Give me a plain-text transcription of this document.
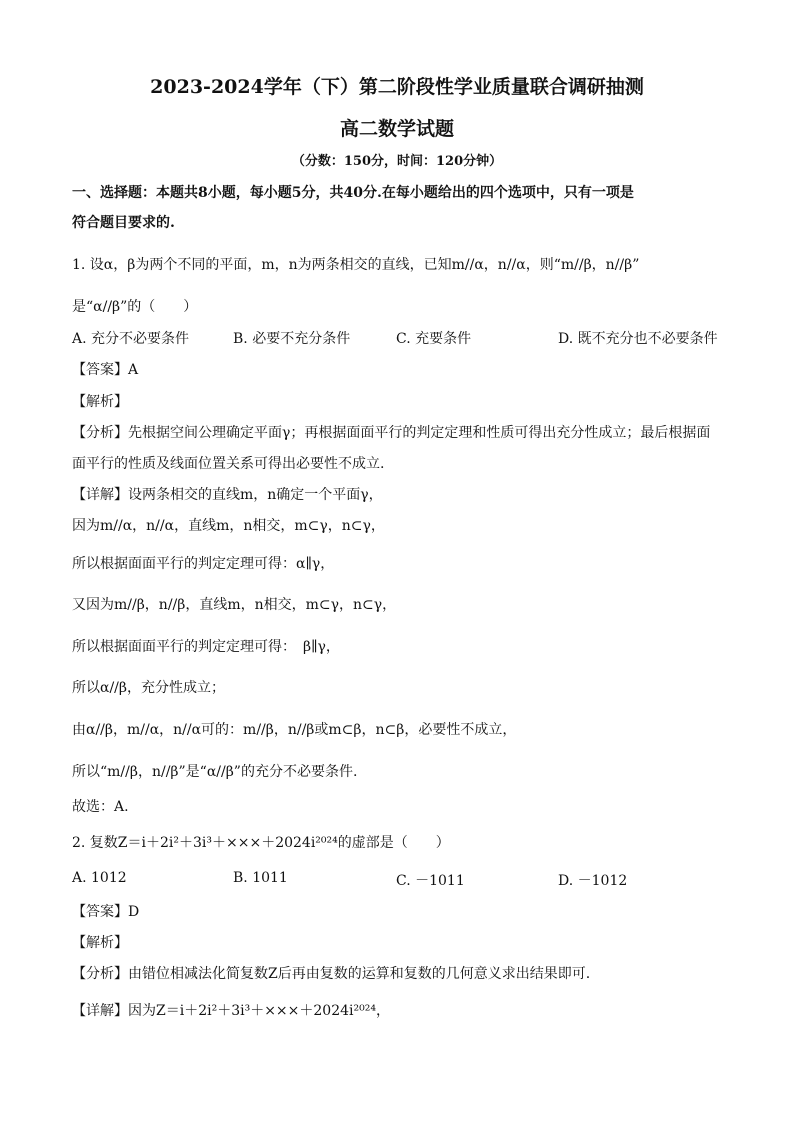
2023-2024学年（下）第二阶段性学业质量联合调研抽测
高二数学试题
（分数：150分，时间：120分钟）
一、选择题：本题共8小题，每小题5分，共40分.在每小题给出的四个选项中，只有一项是
符合题目要求的.
1. 设α，β为两个不同的平面，m，n为两条相交的直线，已知m//α，n//α，则“m//β，n//β”
是“α//β”的（　　）
A. 充分不必要条件	B. 必要不充分条件	C. 充要条件	D. 既不充分也不必要条件
【答案】A
【解析】
【分析】先根据空间公理确定平面γ；再根据面面平行的判定定理和性质可得出充分性成立；最后根据面
面平行的性质及线面位置关系可得出必要性不成立.
【详解】设两条相交的直线m，n确定一个平面γ，
因为m//α，n//α，直线m，n相交，m⊂γ，n⊂γ，
所以根据面面平行的判定定理可得：α∥γ，
又因为m//β，n//β，直线m，n相交，m⊂γ，n⊂γ，
所以根据面面平行的判定定理可得：　β∥γ，
所以α//β，充分性成立；
由α//β，m//α，n//α可的：m//β，n//β或m⊂β，n⊂β，必要性不成立，
所以“m//β，n//β”是“α//β”的充分不必要条件.
故选：A.
2. 复数Z＝i＋2i²＋3i³＋×××＋2024i²⁰²⁴的虚部是（　　）
A. 1012	B. 1011	C. －1011	D. －1012
【答案】D
【解析】
【分析】由错位相减法化简复数Z后再由复数的运算和复数的几何意义求出结果即可.
【详解】因为Z＝i＋2i²＋3i³＋×××＋2024i²⁰²⁴，
